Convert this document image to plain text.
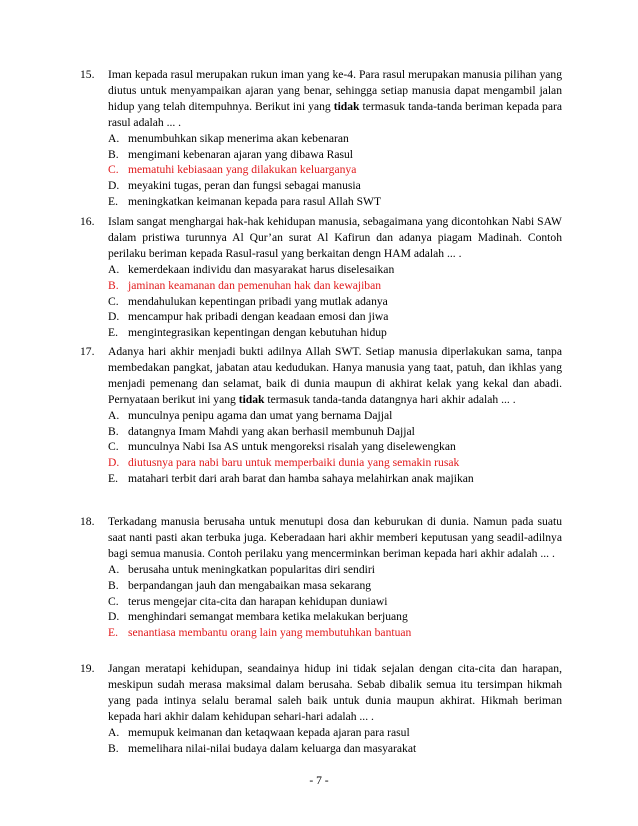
15.	Iman kepada rasul merupakan rukun iman yang ke-4. Para rasul merupakan manusia pilihan yang diutus untuk menyampaikan ajaran yang benar, sehingga setiap manusia dapat mengambil jalan hidup yang telah ditempuhnya. Berikut ini yang tidak termasuk tanda-tanda beriman kepada para rasul adalah ... .

A. menumbuhkan sikap menerima akan kebenaran
B. mengimani kebenaran ajaran yang dibawa Rasul
C. mematuhi kebiasaan yang dilakukan keluarganya
D. meyakini tugas, peran dan fungsi sebagai manusia
E. meningkatkan keimanan kepada para rasul Allah SWT
16.	Islam sangat menghargai hak-hak kehidupan manusia, sebagaimana yang dicontohkan Nabi SAW dalam pristiwa turunnya Al Qur’an surat Al Kafirun dan adanya piagam Madinah. Contoh perilaku beriman kepada Rasul-rasul yang berkaitan dengn HAM adalah ... .

A. kemerdekaan individu dan masyarakat harus diselesaikan
B. jaminan keamanan dan pemenuhan hak dan kewajiban
C. mendahulukan kepentingan pribadi yang mutlak adanya
D. mencampur hak pribadi dengan keadaan emosi dan jiwa
E. mengintegrasikan kepentingan dengan kebutuhan hidup
17.	Adanya hari akhir menjadi bukti adilnya Allah SWT. Setiap manusia diperlakukan sama, tanpa membedakan pangkat, jabatan atau kedudukan. Hanya manusia yang taat, patuh, dan ikhlas yang menjadi pemenang dan selamat, baik di dunia maupun di akhirat kelak yang kekal dan abadi. Pernyataan berikut ini yang tidak termasuk tanda-tanda datangnya hari akhir adalah ... .

A. munculnya penipu agama dan umat yang bernama Dajjal
B. datangnya Imam Mahdi yang akan berhasil membunuh Dajjal
C. munculnya Nabi Isa AS untuk mengoreksi risalah yang diselewengkan
D. diutusnya para nabi baru untuk memperbaiki dunia yang semakin rusak
E. matahari terbit dari arah barat dan hamba sahaya melahirkan anak majikan
18.	Terkadang manusia berusaha untuk menutupi dosa dan keburukan di dunia. Namun pada suatu saat nanti pasti akan terbuka juga. Keberadaan hari akhir memberi keputusan yang seadil-adilnya bagi semua manusia. Contoh perilaku yang mencerminkan beriman kepada hari akhir adalah ... .

A. berusaha untuk meningkatkan popularitas diri sendiri
B. berpandangan jauh dan mengabaikan masa sekarang
C. terus mengejar cita-cita dan harapan kehidupan duniawi
D. menghindari semangat membara ketika melakukan berjuang
E. senantiasa membantu orang lain yang membutuhkan bantuan
19.	Jangan meratapi kehidupan, seandainya hidup ini tidak sejalan dengan cita-cita dan harapan, meskipun sudah merasa maksimal dalam berusaha. Sebab dibalik semua itu tersimpan hikmah yang pada intinya selalu beramal saleh baik untuk dunia maupun akhirat. Hikmah beriman kepada hari akhir dalam kehidupan sehari-hari adalah ... .

A. memupuk keimanan dan ketaqwaan kepada ajaran para rasul
B. memelihara nilai-nilai budaya dalam keluarga dan masyarakat
- 7 -
